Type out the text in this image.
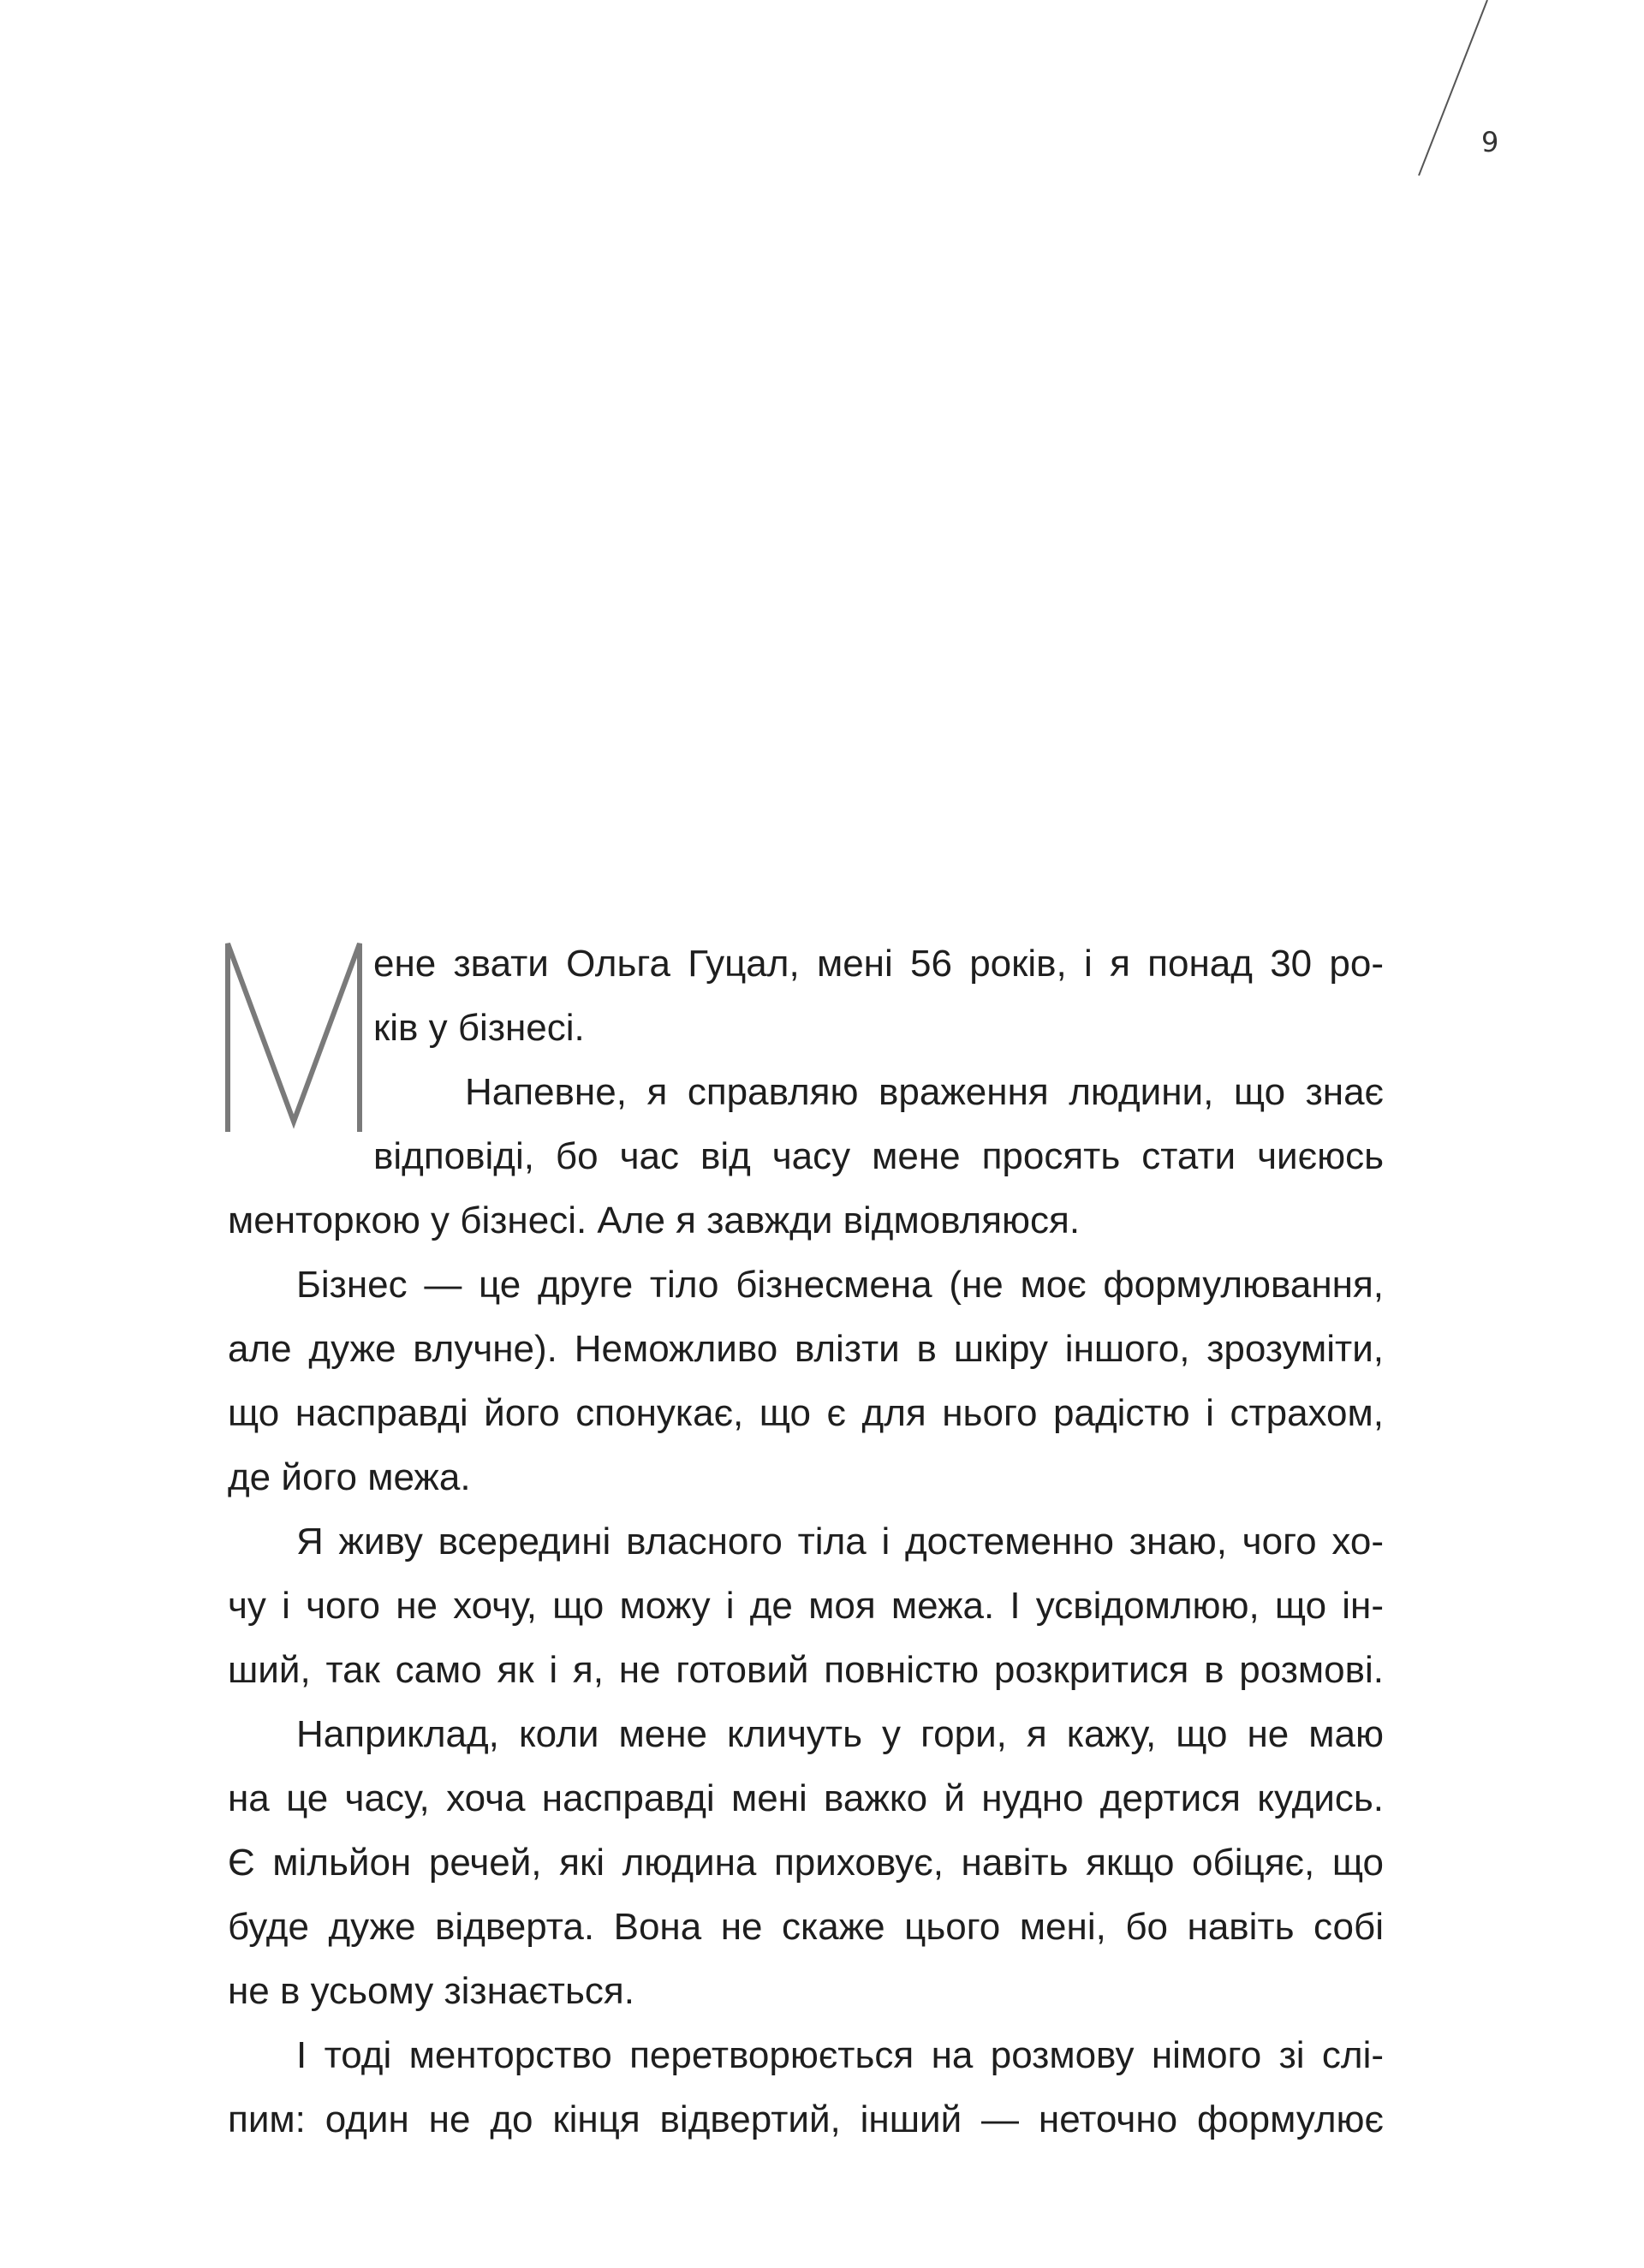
9
ене звати Ольга Гуцал, мені 56 років, і я понад 30 ро-
ків у бізнесі.
Напевне, я справляю враження людини, що знає
відповіді, бо час від часу мене просять стати чиєюсь
менторкою у бізнесі. Але я завжди відмовляюся.
Бізнес — це друге тіло бізнесмена (не моє формулювання,
але дуже влучне). Неможливо влізти в шкіру іншого, зрозуміти,
що насправді його спонукає, що є для нього радістю і страхом,
де його межа.
Я живу всередині власного тіла і достеменно знаю, чого хо-
чу і чого не хочу, що можу і де моя межа. І усвідомлюю, що ін-
ший, так само як і я, не готовий повністю розкритися в розмові.
Наприклад, коли мене кличуть у гори, я кажу, що не маю
на це часу, хоча насправді мені важко й нудно дертися кудись.
Є мільйон речей, які людина приховує, навіть якщо обіцяє, що
буде дуже відверта. Вона не скаже цього мені, бо навіть собі
не в усьому зізнається.
І тоді менторство перетворюється на розмову німого зі слі-
пим: один не до кінця відвертий, інший — неточно формулює
